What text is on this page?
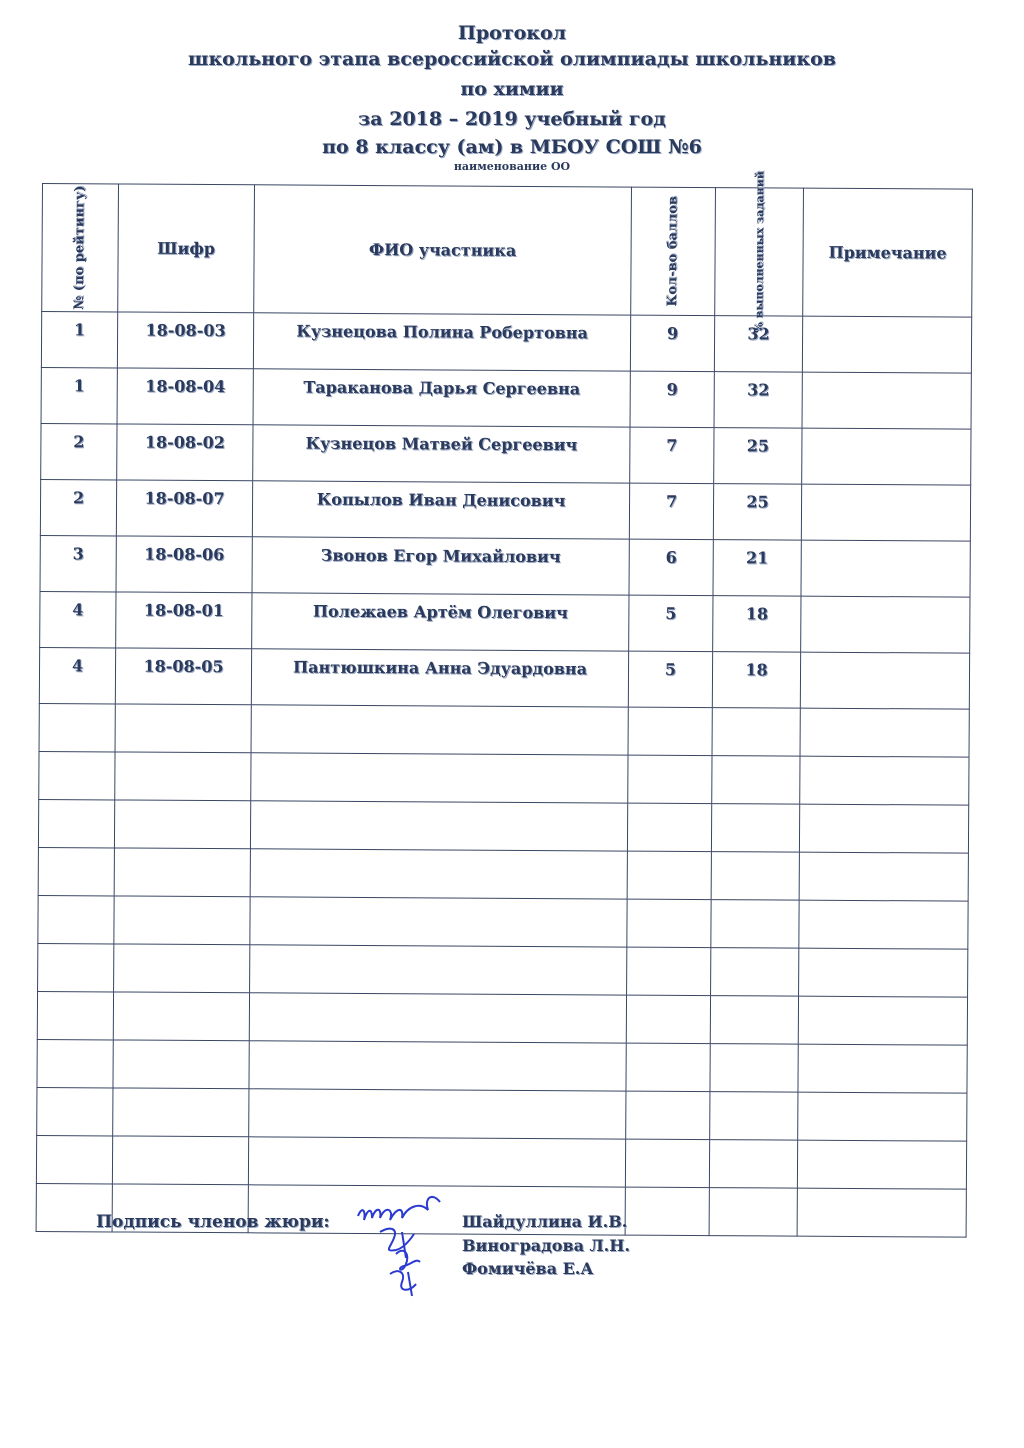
Протокол
школьного этапа всероссийской олимпиады школьников
по химии
за 2018 – 2019 учебный год
по 8 классу (ам) в МБОУ СОШ №6
наименование ОО
№ (по рейтингу)	Шифр	ФИО участника	Кол-во баллов	% выполненных заданий	Примечание
1	18-08-03	Кузнецова Полина Робертовна	9	32	
1	18-08-04	Тараканова Дарья Сергеевна	9	32	
2	18-08-02	Кузнецов Матвей Сергеевич	7	25	
2	18-08-07	Копылов Иван Денисович	7	25	
3	18-08-06	Звонов Егор Михайлович	6	21	
4	18-08-01	Полежаев Артём Олегович	5	18	
4	18-08-05	Пантюшкина Анна Эдуардовна	5	18	

Подпись членов жюри:	Шайдуллина И.В.
Виноградова Л.Н.
Фомичёва Е.А
